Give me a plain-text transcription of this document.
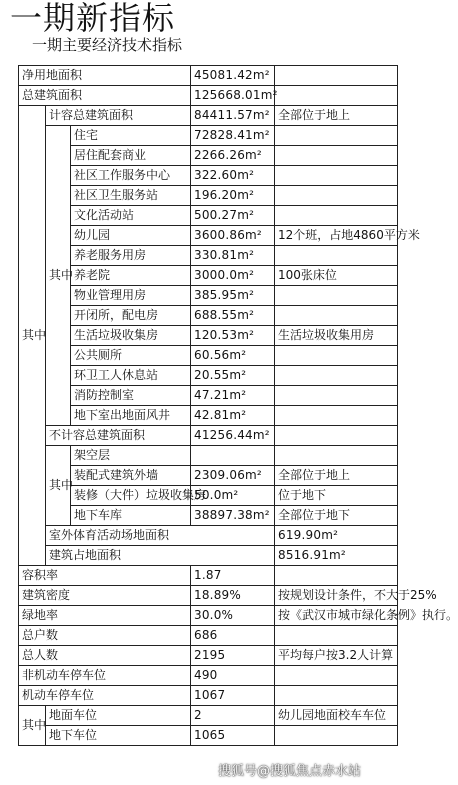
一期新指标
一期主要经济技术指标
净用地面积			45081.42m²		
总建筑面积			125668.01m²		
其中	计容总建筑面积		84411.57m²	全部位于地上	
	其中	住宅	72828.41m²		
		居住配套商业	2266.26m²		
		社区工作服务中心	322.60m²		
		社区卫生服务站	196.20m²		
		文化活动站	500.27m²		
		幼儿园	3600.86m²	12个班，占地4860平方米	
		养老服务用房	330.81m²		
		养老院	3000.0m²	100张床位	
		物业管理用房	385.95m²		
		开闭所，配电房	688.55m²		
		生活垃圾收集房	120.53m²	生活垃圾收集用房	
		公共厕所	60.56m²		
		环卫工人休息站	20.55m²		
		消防控制室	47.21m²		
		地下室出地面风井	42.81m²		
	不计容总建筑面积		41256.44m²		
	其中	架空层			
		装配式建筑外墙	2309.06m²	全部位于地上	
		装修（大件）垃圾收集房	50.0m²	位于地下	
		地下车库	38897.38m²	全部位于地下	
	室外体育活动场地面积			619.90m²	
	建筑占地面积			8516.91m²	
容积率			1.87		
建筑密度			18.89%	按规划设计条件，不大于25%	
绿地率			30.0%	按《武汉市城市绿化条例》执行。	
总户数			686		
总人数			2195	平均每户按3.2人计算	
非机动车停车位			490		
机动车停车位			1067		
其中	地面车位		2	幼儿园地面校车车位	
	地下车位		1065		
搜狐号@搜狐焦点赤水站
